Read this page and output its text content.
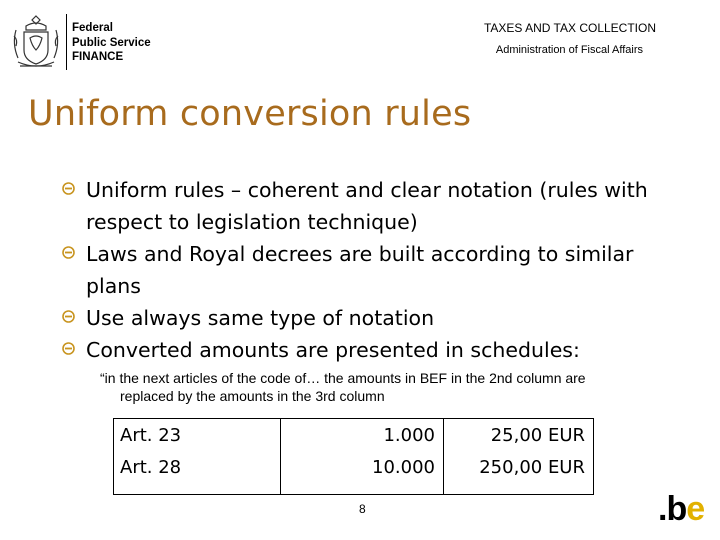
Federal
Public Service
FINANCE
TAXES AND TAX COLLECTION
Administration of Fiscal Affairs
Uniform conversion rules
Uniform rules – coherent and clear notation (rules with respect to legislation technique)
Laws and Royal decrees are built according to similar plans
Use always same type of notation
Converted amounts are presented in schedules:
“in the next articles of the code of… the amounts in BEF in the 2nd column are
replaced by the amounts in the 3rd column
Art. 23	1.000	25,00 EUR
Art. 28	10.000	250,00 EUR

8	.be
